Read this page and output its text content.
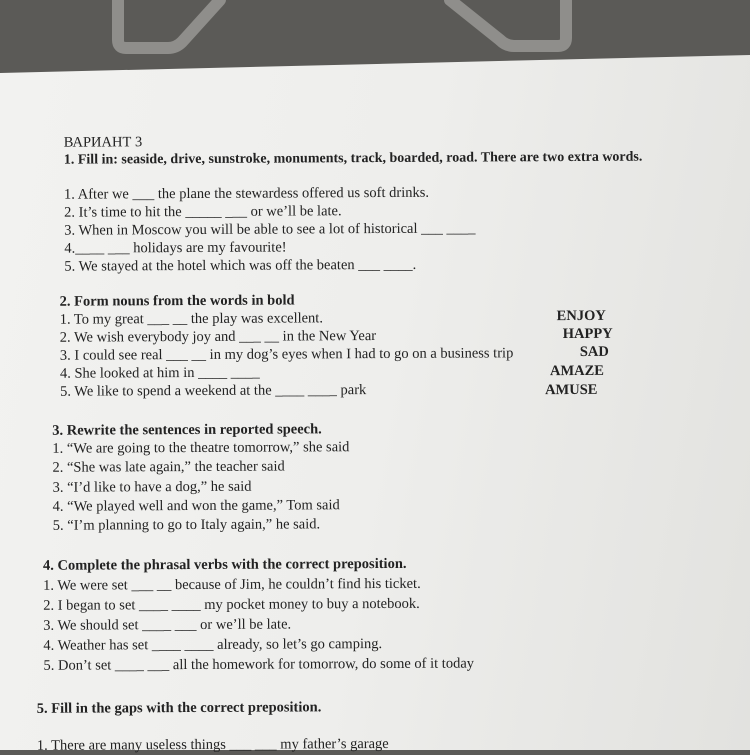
ВАРИАНТ 3
1. Fill in: seaside, drive, sunstroke, monuments, track, boarded, road. There are two extra words.
1. After we ___ the plane the stewardess offered us soft drinks.
2. It’s time to hit the _____ ___ or we’ll be late.
3. When in Moscow you will be able to see a lot of historical ___ ____
4.____ ___ holidays are my favourite!
5. We stayed at the hotel which was off the beaten ___ ____.
2. Form nouns from the words in bold
1. To my great ___ __ the play was excellent.
2. We wish everybody joy and ___ __ in the New Year
3. I could see real ___ __ in my dog’s eyes when I had to go on a business trip
4. She looked at him in ____ ____
5. We like to spend a weekend at the ____ ____ park
ENJOY
HAPPY
SAD
AMAZE
AMUSE
3. Rewrite the sentences in reported speech.
1. “We are going to the theatre tomorrow,” she said
2. “She was late again,” the teacher said
3. “I’d like to have a dog,” he said
4. “We played well and won the game,” Tom said
5. “I’m planning to go to Italy again,” he said.
4. Complete the phrasal verbs with the correct preposition.
1. We were set ___ __ because of Jim, he couldn’t find his ticket.
2. I began to set ____ ____ my pocket money to buy a notebook.
3. We should set ____ ___ or we’ll be late.
4. Weather has set ____ ____ already, so let’s go camping.
5. Don’t set ____ ___ all the homework for tomorrow, do some of it today
5. Fill in the gaps with the correct preposition.
1. There are many useless things ___ ___ my father’s garage
